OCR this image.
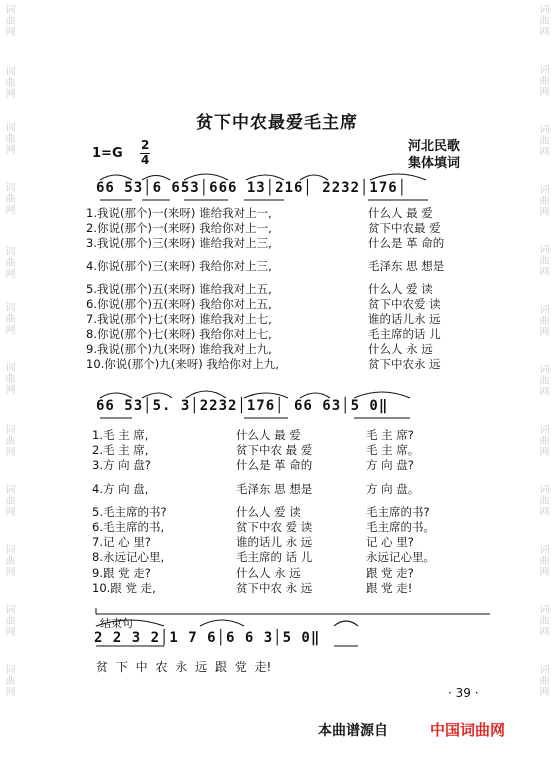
词曲网
词曲网
词曲网
词曲网
词曲网
词曲网
词曲网
词曲网
词曲网
词曲网
词曲网
词曲网
词曲网
词曲网
词曲网
词曲网
词曲网
词曲网
词曲网
词曲网
词曲网
词曲网
词曲网
词曲网
贫下中农最爱毛主席
1=G
2
4
河北民歌
集体填词
66 53│6 653│666 13│216│ 2232│176│
1.我说(那个)一(来呀) 谁给我对上一,
2.你说(那个)一(来呀) 我给你对上一,
3.我说(那个)三(来呀) 谁给我对上三,
4.你说(那个)三(来呀) 我给你对上三,
5.我说(那个)五(来呀) 谁给我对上五,
6.你说(那个)五(来呀) 我给你对上五,
7.我说(那个)七(来呀) 谁给我对上七,
8.你说(那个)七(来呀) 我给你对上七,
9.我说(那个)九(来呀) 谁给我对上九,
10.你说(那个)九(来呀) 我给你对上九,
什么人 最 爱
贫下中农最 爱
什么是 革 命的
毛泽东 思 想是
什么人 爱 读
贫下中农爱 读
谁的话儿永 远
毛主席的话 儿
什么人 永 远
贫下中农永 远
66 53│5. 3│2232│176│ 66 63│5 0‖
1.毛 主 席,
2.毛 主 席,
3.方 向 盘?
4.方 向 盘,
5.毛主席的书?
6.毛主席的书,
7.记 心 里?
8.永远记心里,
9.跟 党 走?
10.跟 党 走,
什么人 最 爱
贫下中农 最 爱
什么是 革 命的
毛泽东 思 想是
什么人 爱 读
贫下中农 爱 读
谁的话儿 永 远
毛主席的 话 儿
什么人 永 远
贫下中农 永 远
毛 主 席?
毛 主 席。
方 向 盘?
方 向 盘。
毛主席的书?
毛主席的书。
记 心 里?
永远记心里。
跟 党 走?
跟 党 走!
结束句
2 2 3 2│1 7 6│6 6 3│5 0‖
贫 下 中 农 永 远 跟 党 走!
· 39 ·
本曲谱源自	中国词曲网
